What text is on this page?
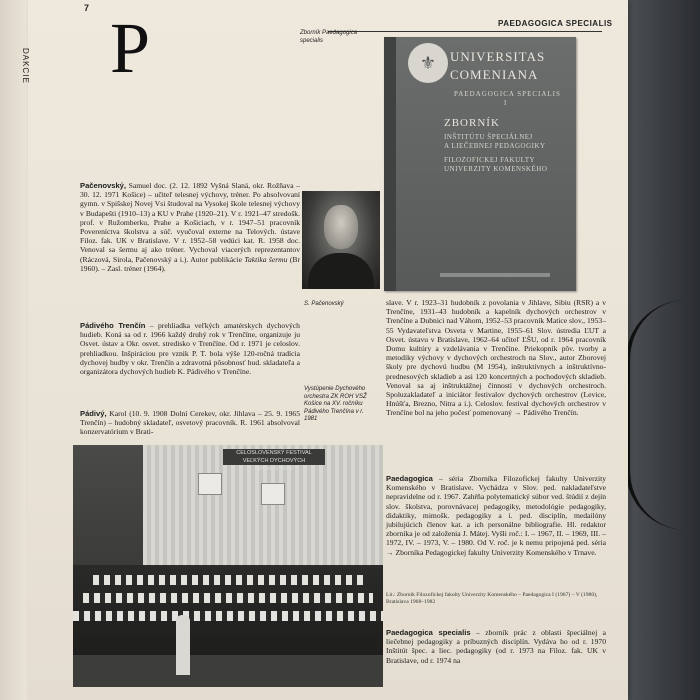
DAKCIE
7
PAEDAGOGICA SPECIALIS
P	Zborník Paedagogica specialis
⚜	UNIVERSITAS
COMENIANA
PAEDAGOGICA SPECIALIS
I
ZBORNÍK
INŠTITÚTU ŠPECIÁLNEJ
A LIEČEBNEJ PEDAGOGIKY
FILOZOFICKEJ FAKULTY
UNIVERZITY KOMENSKÉHO
S. Pačenovský
Vystúpenie Dychového orchestra ZK ROH VSŽ Košice na XV. ročníku Pádivého Trenčína v r. 1981

Pačenovský, Samuel doc. (2. 12. 1892 Vyšná Slaná, okr. Rožňava – 30. 12. 1971 Košice) – učiteľ telesnej výchovy, tréner. Po absolvovaní gymn. v Spišskej Novej Vsi študoval na Vysokej škole telesnej výchovy v Budapešti (1910–13) a KU v Prahe (1920–21). V r. 1921–47 stredošk. prof. v Ružomberku, Prahe a Košiciach, v r. 1947–51 pracovník Povereníctva školstva a súč. vyučoval externe na Telových. ústave Filoz. fak. UK v Bratislave. V r. 1952–58 vedúci kat. R. 1958 doc. Venoval sa šermu aj ako tréner. Vychoval viacerých reprezentantov (Ráczová, Sirola, Pačenovský a i.). Autor publikácie Taktika šermu (Br 1960). – Zasl. tréner (1964).

Pádivého Trenčín – prehliadka veľkých amatérskych dychových hudieb. Koná sa od r. 1966 každý druhý rok v Trenčíne, organizuje ju Osvet. ústav a Okr. osvet. stredisko v Trenčíne. Od r. 1971 je celoslov. prehliadkou. Inšpiráciou pre vznik P. T. bola výše 120-ročná tradícia dychovej hudby v okr. Trenčín a zdravotná pôsobnosť hud. skladateľa a organizátora dychových hudieb K. Pádivého v Trenčíne.

Pádivý, Karol (10. 9. 1908 Dolní Cerekev, okr. Jihlava – 25. 9. 1965 Trenčín) – hudobný skladateľ, osvetový pracovník. R. 1961 absolvoval konzervatórium v Brati-

slave. V r. 1923–31 hudobník z povolania v Jihlave, Sibiu (RSR) a v Trenčíne, 1931–43 hudobník a kapelník dychových orchestrov v Trenčíne a Dubnici nad Váhom, 1952–53 pracovník Matice slov., 1953–55 Vydavateľstva Osveta v Martine, 1955–61 Slov. ústredia ĽUT a Osvet. ústavu v Bratislave, 1962–64 učiteľ ĽŠU, od r. 1964 pracovník Domu kultúry a vzdelávania v Trenčíne. Priekopník pôv. tvorby a metodiky výchovy v dychových orchestroch na Slov., autor Zborovej školy pre dychovú hudbu (M 1954), inštruktívnych a inštruktívno-prednesových skladieb a asi 120 koncertných a pochodových skladieb. Venoval sa aj inštruktážnej činnosti v dychových orchestroch. Spoluzakladateľ a iniciátor festivalov dychových orchestrov (Levice, Hnúšťa, Brezno, Nitra a i.). Celoslov. festival dychových orchestrov v Trenčíne bol na jeho počesť pomenovaný → Pádivého Trenčín.

Paedagogica – séria Zborníka Filozofickej fakulty Univerzity Komenského v Bratislave. Vychádza v Slov. ped. nakladateľstve nepravidelne od r. 1967. Zahŕňa polytematický súbor ved. štúdií z dejín slov. školstva, porovnávacej pedagogiky, metodológie pedagogiky, didaktiky, mimošk. pedagogiky a i. ped. disciplín, medailóny jubilujúcich členov kat. a ich personálne bibliografie. Hl. redaktor zborníka je od založenia J. Mátej. Vyšli roč.: I. – 1967, II. – 1969, III. – 1972, IV. – 1973, V. – 1980. Od V. roč. je k nemu pripojená ped. séria → Zborníka Pedagogickej fakulty Univerzity Komenského v Trnave.

Lit.: Zborník Filozofickej fakulty Univerzity Komenského – Paedagogica I (1967) – V (1980), Bratislava 1968–1982

Paedagogica specialis – zborník prác z oblasti špeciálnej a liečebnej pedagogiky a príbuzných disciplín. Vydáva ho od r. 1970 Inštitút špec. a liec. pedagogiky (od r. 1973 na Filoz. fak. UK v Bratislave, od r. 1974 na

CELOSLOVENSKÝ FESTIVAL
VEĽKÝCH DYCHOVÝCH ORCHESTROV
